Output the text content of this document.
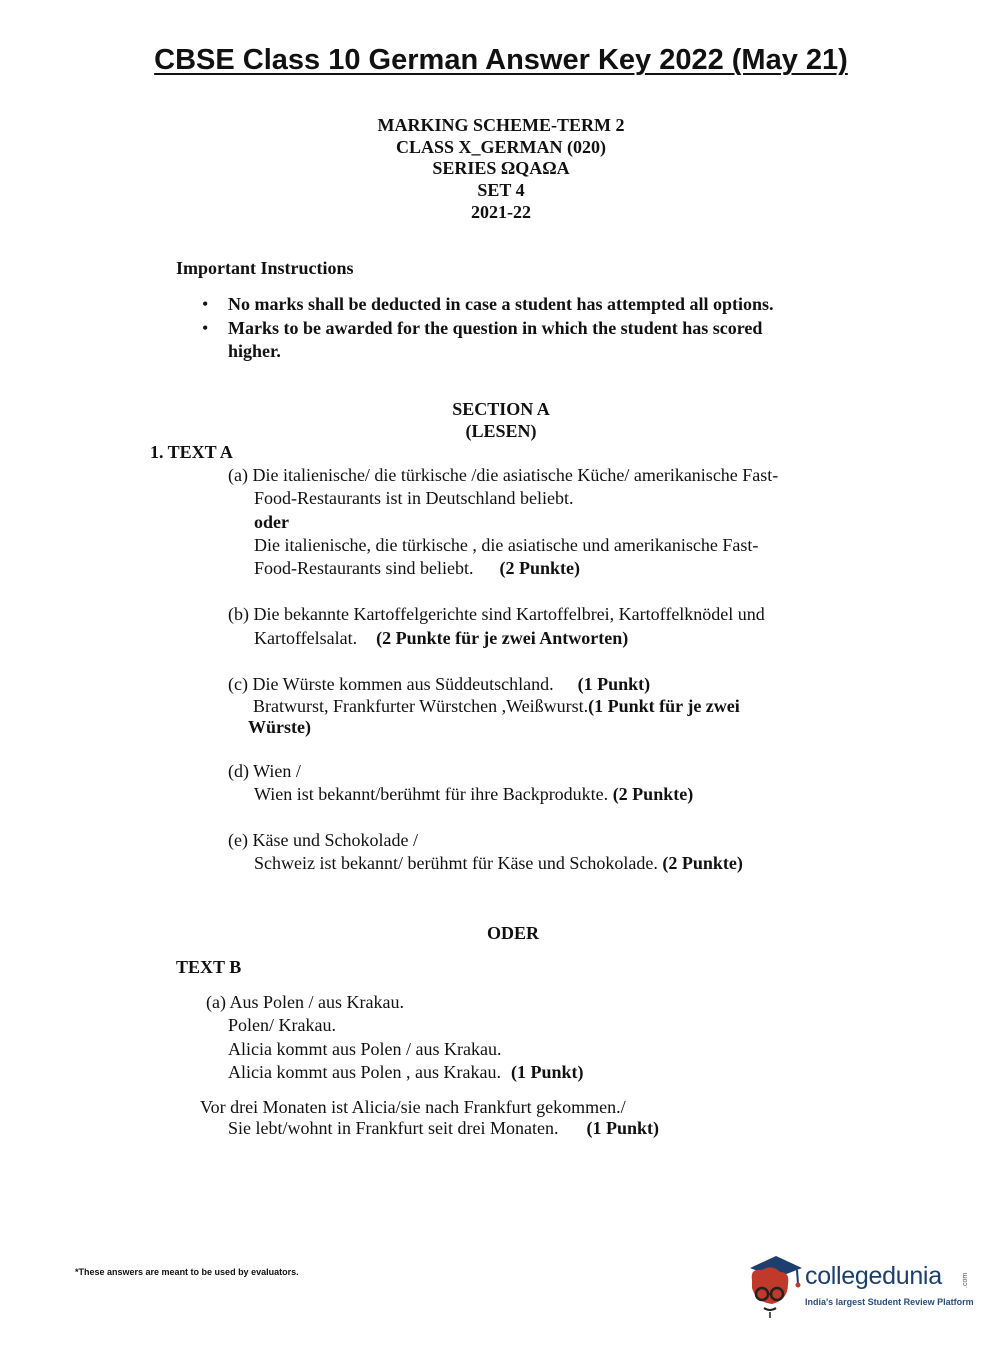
CBSE Class 10 German Answer Key 2022 (May 21)
MARKING SCHEME-TERM 2
CLASS X_GERMAN (020)
SERIES ΩQAΩA
SET 4
2021-22
Important Instructions
• No marks shall be deducted in case a student has attempted all options.
• Marks to be awarded for the question in which the student has scored
higher.
SECTION A
(LESEN)
1. TEXT A
(a) Die italienische/ die türkische /die asiatische Küche/ amerikanische Fast-
Food-Restaurants ist in Deutschland beliebt.
oder
Die italienische, die türkische , die asiatische und amerikanische Fast-
Food-Restaurants sind beliebt. (2 Punkte)
(b) Die bekannte Kartoffelgerichte sind Kartoffelbrei, Kartoffelknödel und
Kartoffelsalat. (2 Punkte für je zwei Antworten)
(c) Die Würste kommen aus Süddeutschland. (1 Punkt)
Bratwurst, Frankfurter Würstchen ,Weißwurst.(1 Punkt für je zwei
Würste)
(d) Wien /
Wien ist bekannt/berühmt für ihre Backprodukte. (2 Punkte)
(e) Käse und Schokolade /
Schweiz ist bekannt/ berühmt für Käse und Schokolade. (2 Punkte)
ODER
TEXT B
(a) Aus Polen / aus Krakau.
Polen/ Krakau.
Alicia kommt aus Polen / aus Krakau.
Alicia kommt aus Polen , aus Krakau. (1 Punkt)
Vor drei Monaten ist Alicia/sie nach Frankfurt gekommen./
Sie lebt/wohnt in Frankfurt seit drei Monaten. (1 Punkt)
*These answers are meant to be used by evaluators.	collegedunia	.com
India's largest Student Review Platform
